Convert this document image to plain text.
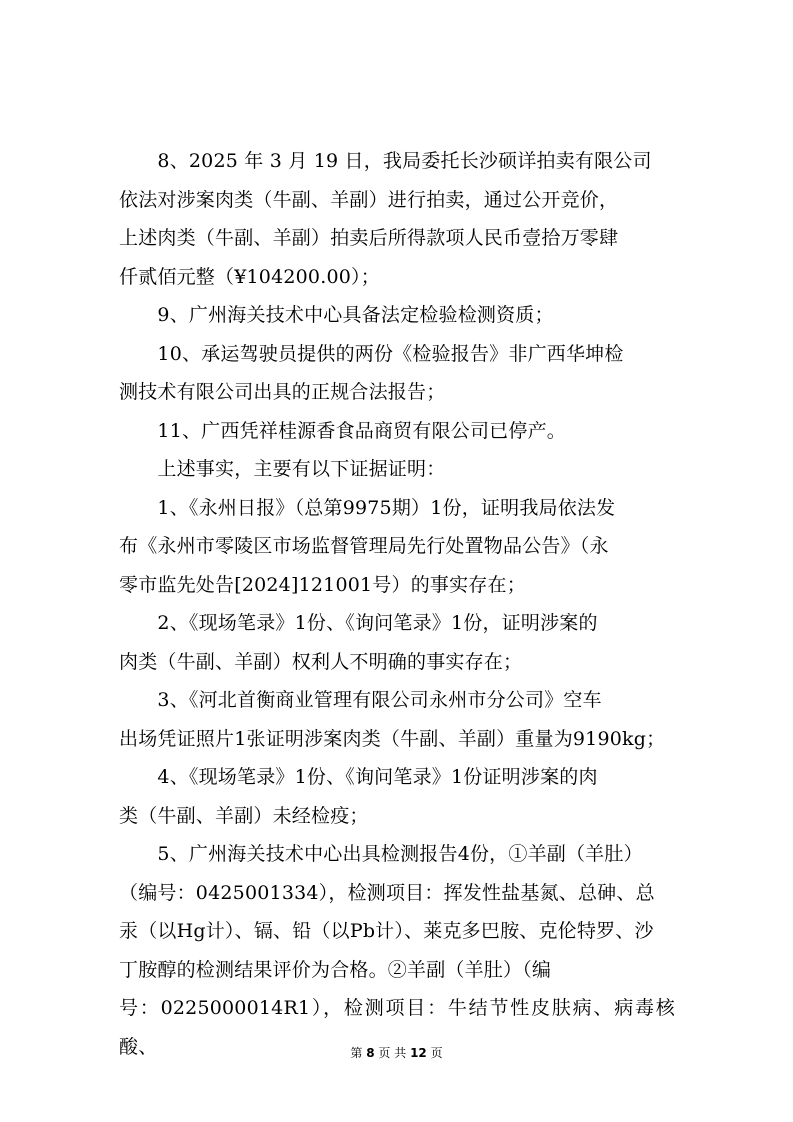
　　8、2025 年 3 月 19 日，我局委托长沙硕详拍卖有限公司

依法对涉案肉类（牛副、羊副）进行拍卖，通过公开竞价，

上述肉类（牛副、羊副）拍卖后所得款项人民币壹拾万零肆

仟贰佰元整（¥104200.00）；

　　9、广州海关技术中心具备法定检验检测资质；

　　10、承运驾驶员提供的两份《检验报告》非广西华坤检

测技术有限公司出具的正规合法报告；

　　11、广西凭祥桂源香食品商贸有限公司已停产。

　　上述事实，主要有以下证据证明：

　　1、《永州日报》（总第9975期）1份，证明我局依法发

布《永州市零陵区市场监督管理局先行处置物品公告》（永

零市监先处告[2024]121001号）的事实存在；

　　2、《现场笔录》1份、《询问笔录》1份，证明涉案的

肉类（牛副、羊副）权利人不明确的事实存在；

　　3、《河北首衡商业管理有限公司永州市分公司》空车

出场凭证照片1张证明涉案肉类（牛副、羊副）重量为9190kg；

　　4、《现场笔录》1份、《询问笔录》1份证明涉案的肉

类（牛副、羊副）未经检疫；

　　5、广州海关技术中心出具检测报告4份，①羊副（羊肚）

（编号：0425001334），检测项目：挥发性盐基氮、总砷、总

汞（以Hg计）、镉、铅（以Pb计）、莱克多巴胺、克伦特罗、沙

丁胺醇的检测结果评价为合格。②羊副（羊肚）（编

号：0225000014R1），检测项目：牛结节性皮肤病、病毒核酸、	第 8 页 共 12 页
